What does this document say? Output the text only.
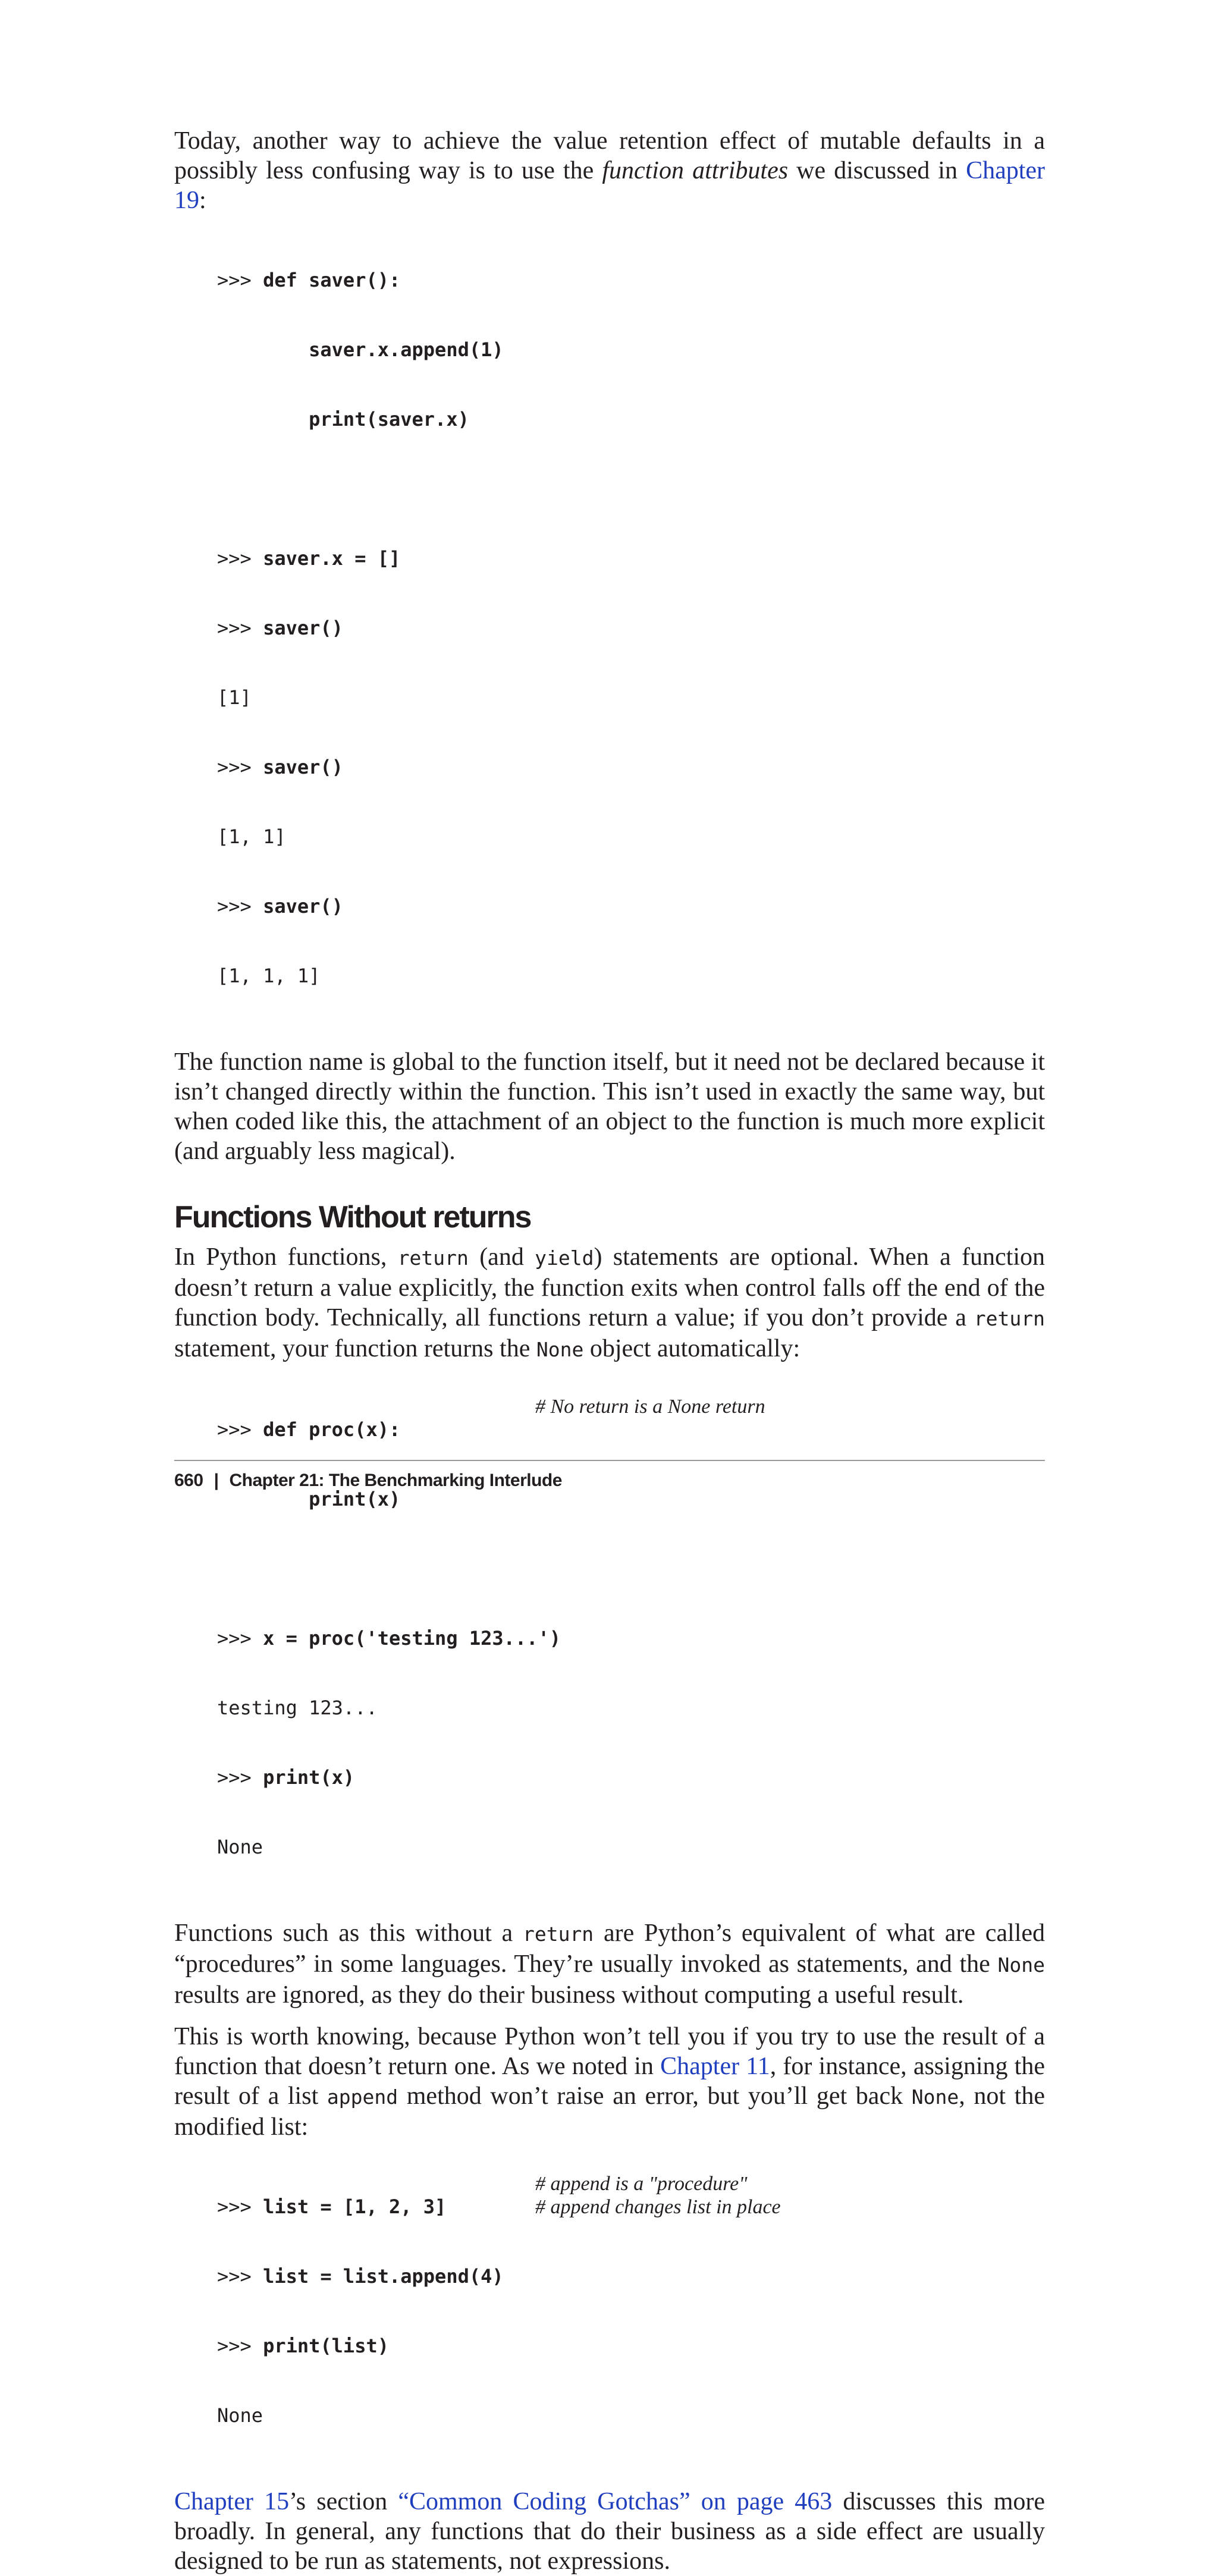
Today, another way to achieve the value retention effect of mutable defaults in a possibly less confusing way is to use the function attributes we discussed in Chapter 19:

>>> def saver():

saver.x.append(1)

print(saver.x)

>>> saver.x = []

>>> saver()

[1]

>>> saver()

[1, 1]

>>> saver()

[1, 1, 1]

The function name is global to the function itself, but it need not be declared because it isn’t changed directly within the function. This isn’t used in exactly the same way, but when coded like this, the attachment of an object to the function is much more explicit (and arguably less magical).

Functions Without returns

In Python functions, return (and yield) statements are optional. When a function doesn’t return a value explicitly, the function exits when control falls off the end of the function body. Technically, all functions return a value; if you don’t provide a return statement, your function returns the None object automatically:

>>> def proc(x):

print(x)

>>> x = proc('testing 123...')

testing 123...

>>> print(x)

None

# No return is a None return

Functions such as this without a return are Python’s equivalent of what are called “procedures” in some languages. They’re usually invoked as statements, and the None results are ignored, as they do their business without computing a useful result.

This is worth knowing, because Python won’t tell you if you try to use the result of a function that doesn’t return one. As we noted in Chapter 11, for instance, assigning the result of a list append method won’t raise an error, but you’ll get back None, not the modified list:

>>> list = [1, 2, 3]

>>> list = list.append(4)

>>> print(list)

None

# append is a "procedure"
# append changes list in place

Chapter 15’s section “Common Coding Gotchas” on page 463 discusses this more broadly. In general, any functions that do their business as a side effect are usually designed to be run as statements, not expressions.

660 | Chapter 21: The Benchmarking Interlude
